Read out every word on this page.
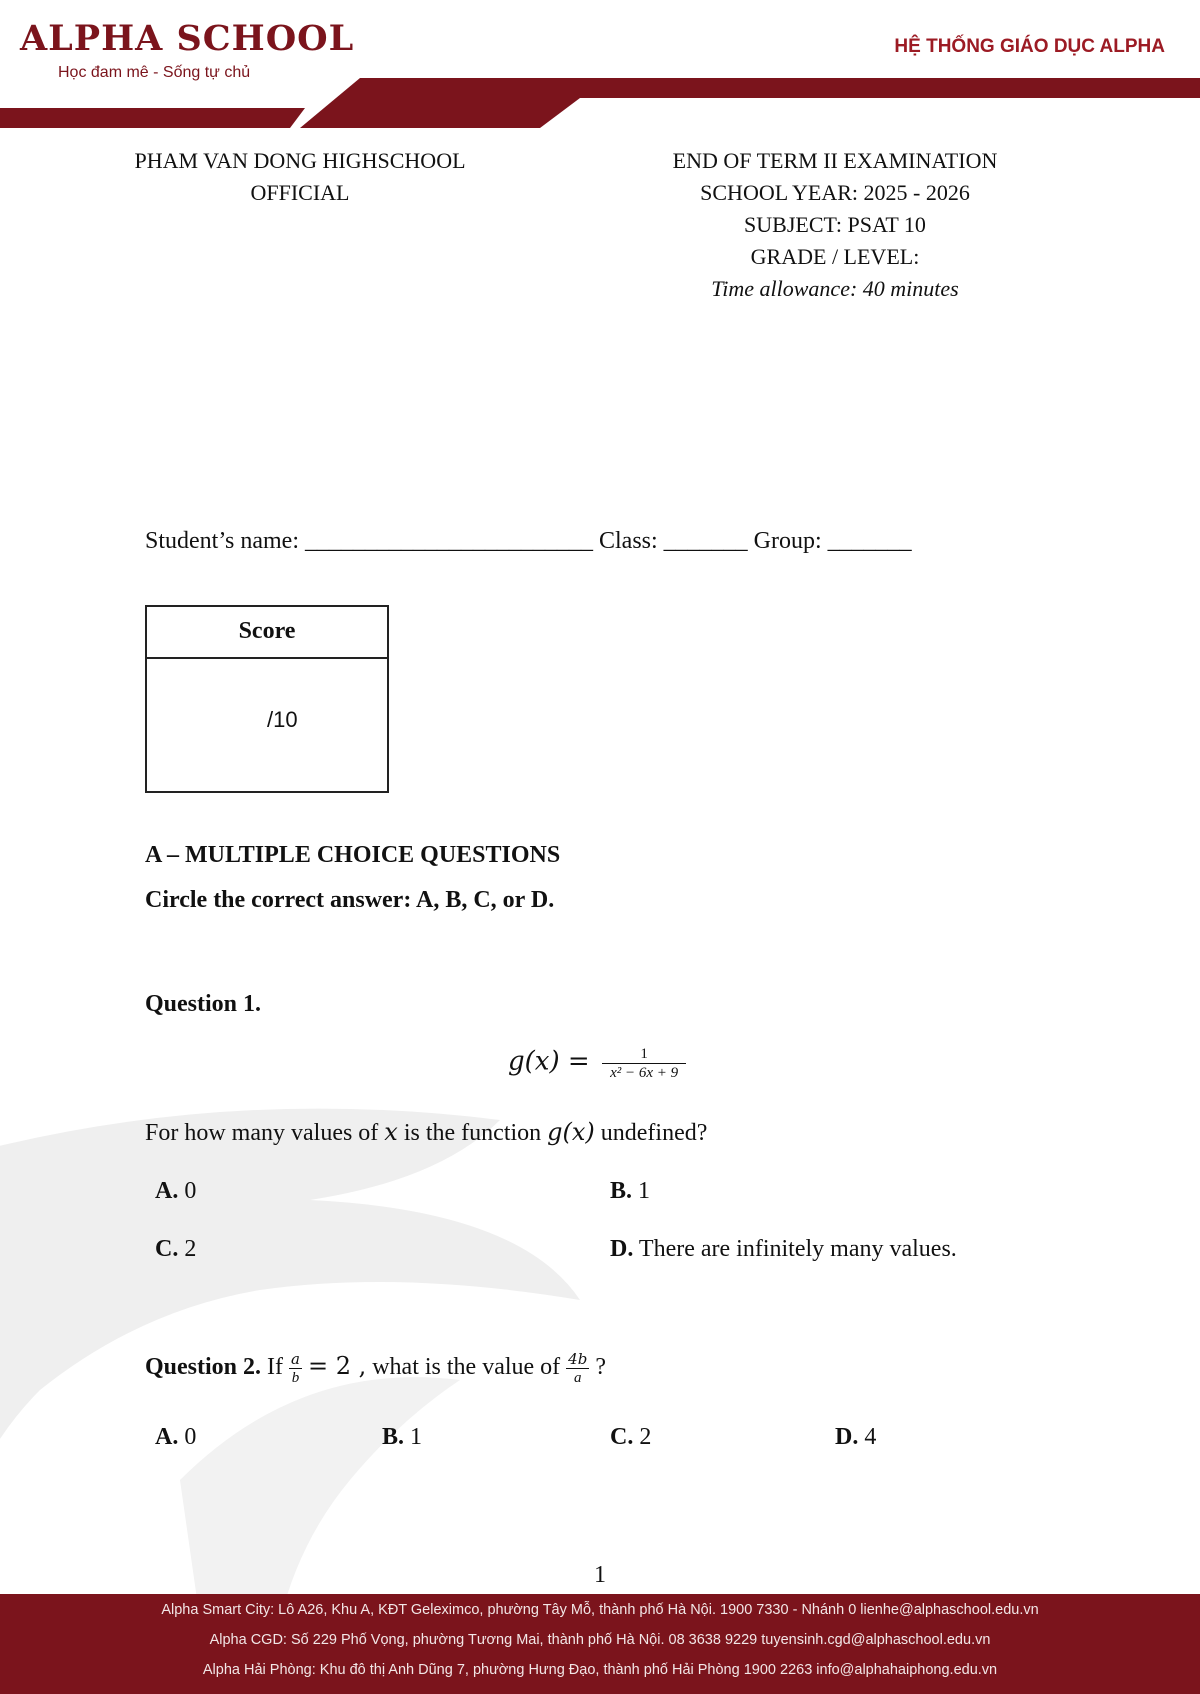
ALPHA SCHOOL
Học đam mê - Sống tự chủ
HỆ THỐNG GIÁO DỤC ALPHA
PHAM VAN DONG HIGHSCHOOL
OFFICIAL
END OF TERM II EXAMINATION
SCHOOL YEAR: 2025 - 2026
SUBJECT: PSAT 10
GRADE / LEVEL:
Time allowance: 40 minutes
Student’s name: ________________________ Class: _______ Group: _______
Score
/10
A – MULTIPLE CHOICE QUESTIONS
Circle the correct answer: A, B, C, or D.
Question 1.
$g(x) = \frac{1}{\text{x² − 6x + 9}}$
For how many values of x is the function g(x) undefined?
A. 0	B. 1
C. 2	D. There are infinitely many values.
Question 2. If $\frac{a}{b} = 2$ , what is the value of $\frac{4b}{a}$ ?
A. 0	B. 1	C. 2	D. 4
1
Alpha Smart City: Lô A26, Khu A, KĐT Geleximco, phường Tây Mỗ, thành phố Hà Nội. 1900 7330 - Nhánh 0 lienhe@alphaschool.edu.vn
Alpha CGD: Số 229 Phố Vọng, phường Tương Mai, thành phố Hà Nội. 08 3638 9229 tuyensinh.cgd@alphaschool.edu.vn
Alpha Hải Phòng: Khu đô thị Anh Dũng 7, phường Hưng Đạo, thành phố Hải Phòng 1900 2263 info@alphahaiphong.edu.vn
